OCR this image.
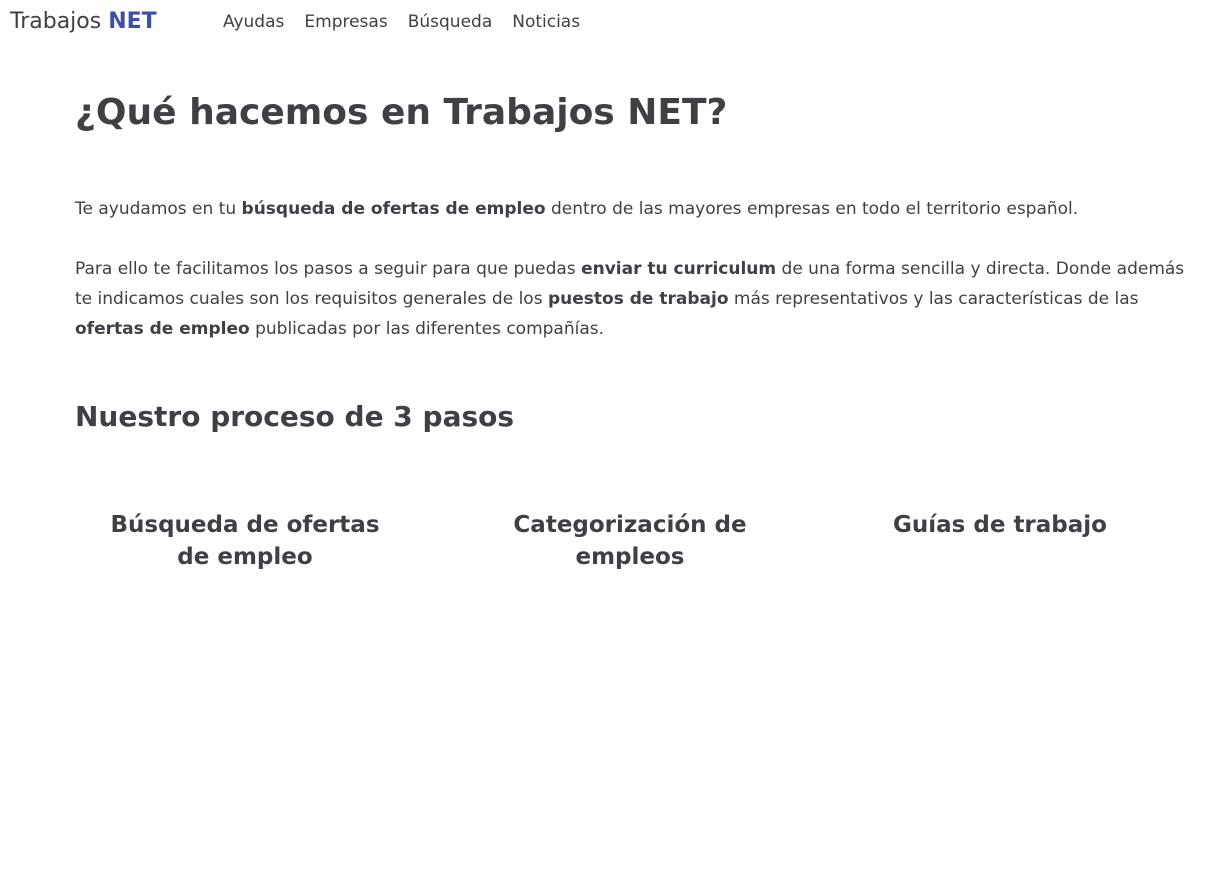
Trabajos NET	Ayudas Empresas Búsqueda Noticias
¿Qué hacemos en Trabajos NET?

Te ayudamos en tu búsqueda de ofertas de empleo dentro de las mayores empresas en todo el territorio español.

Para ello te facilitamos los pasos a seguir para que puedas enviar tu curriculum de una forma sencilla y directa. Donde además te indicamos cuales son los requisitos generales de los puestos de trabajo más representativos y las características de las ofertas de empleo publicadas por las diferentes compañías.

Nuestro proceso de 3 pasos
Búsqueda de ofertas de empleo
Categorización de empleos
Guías de trabajo
